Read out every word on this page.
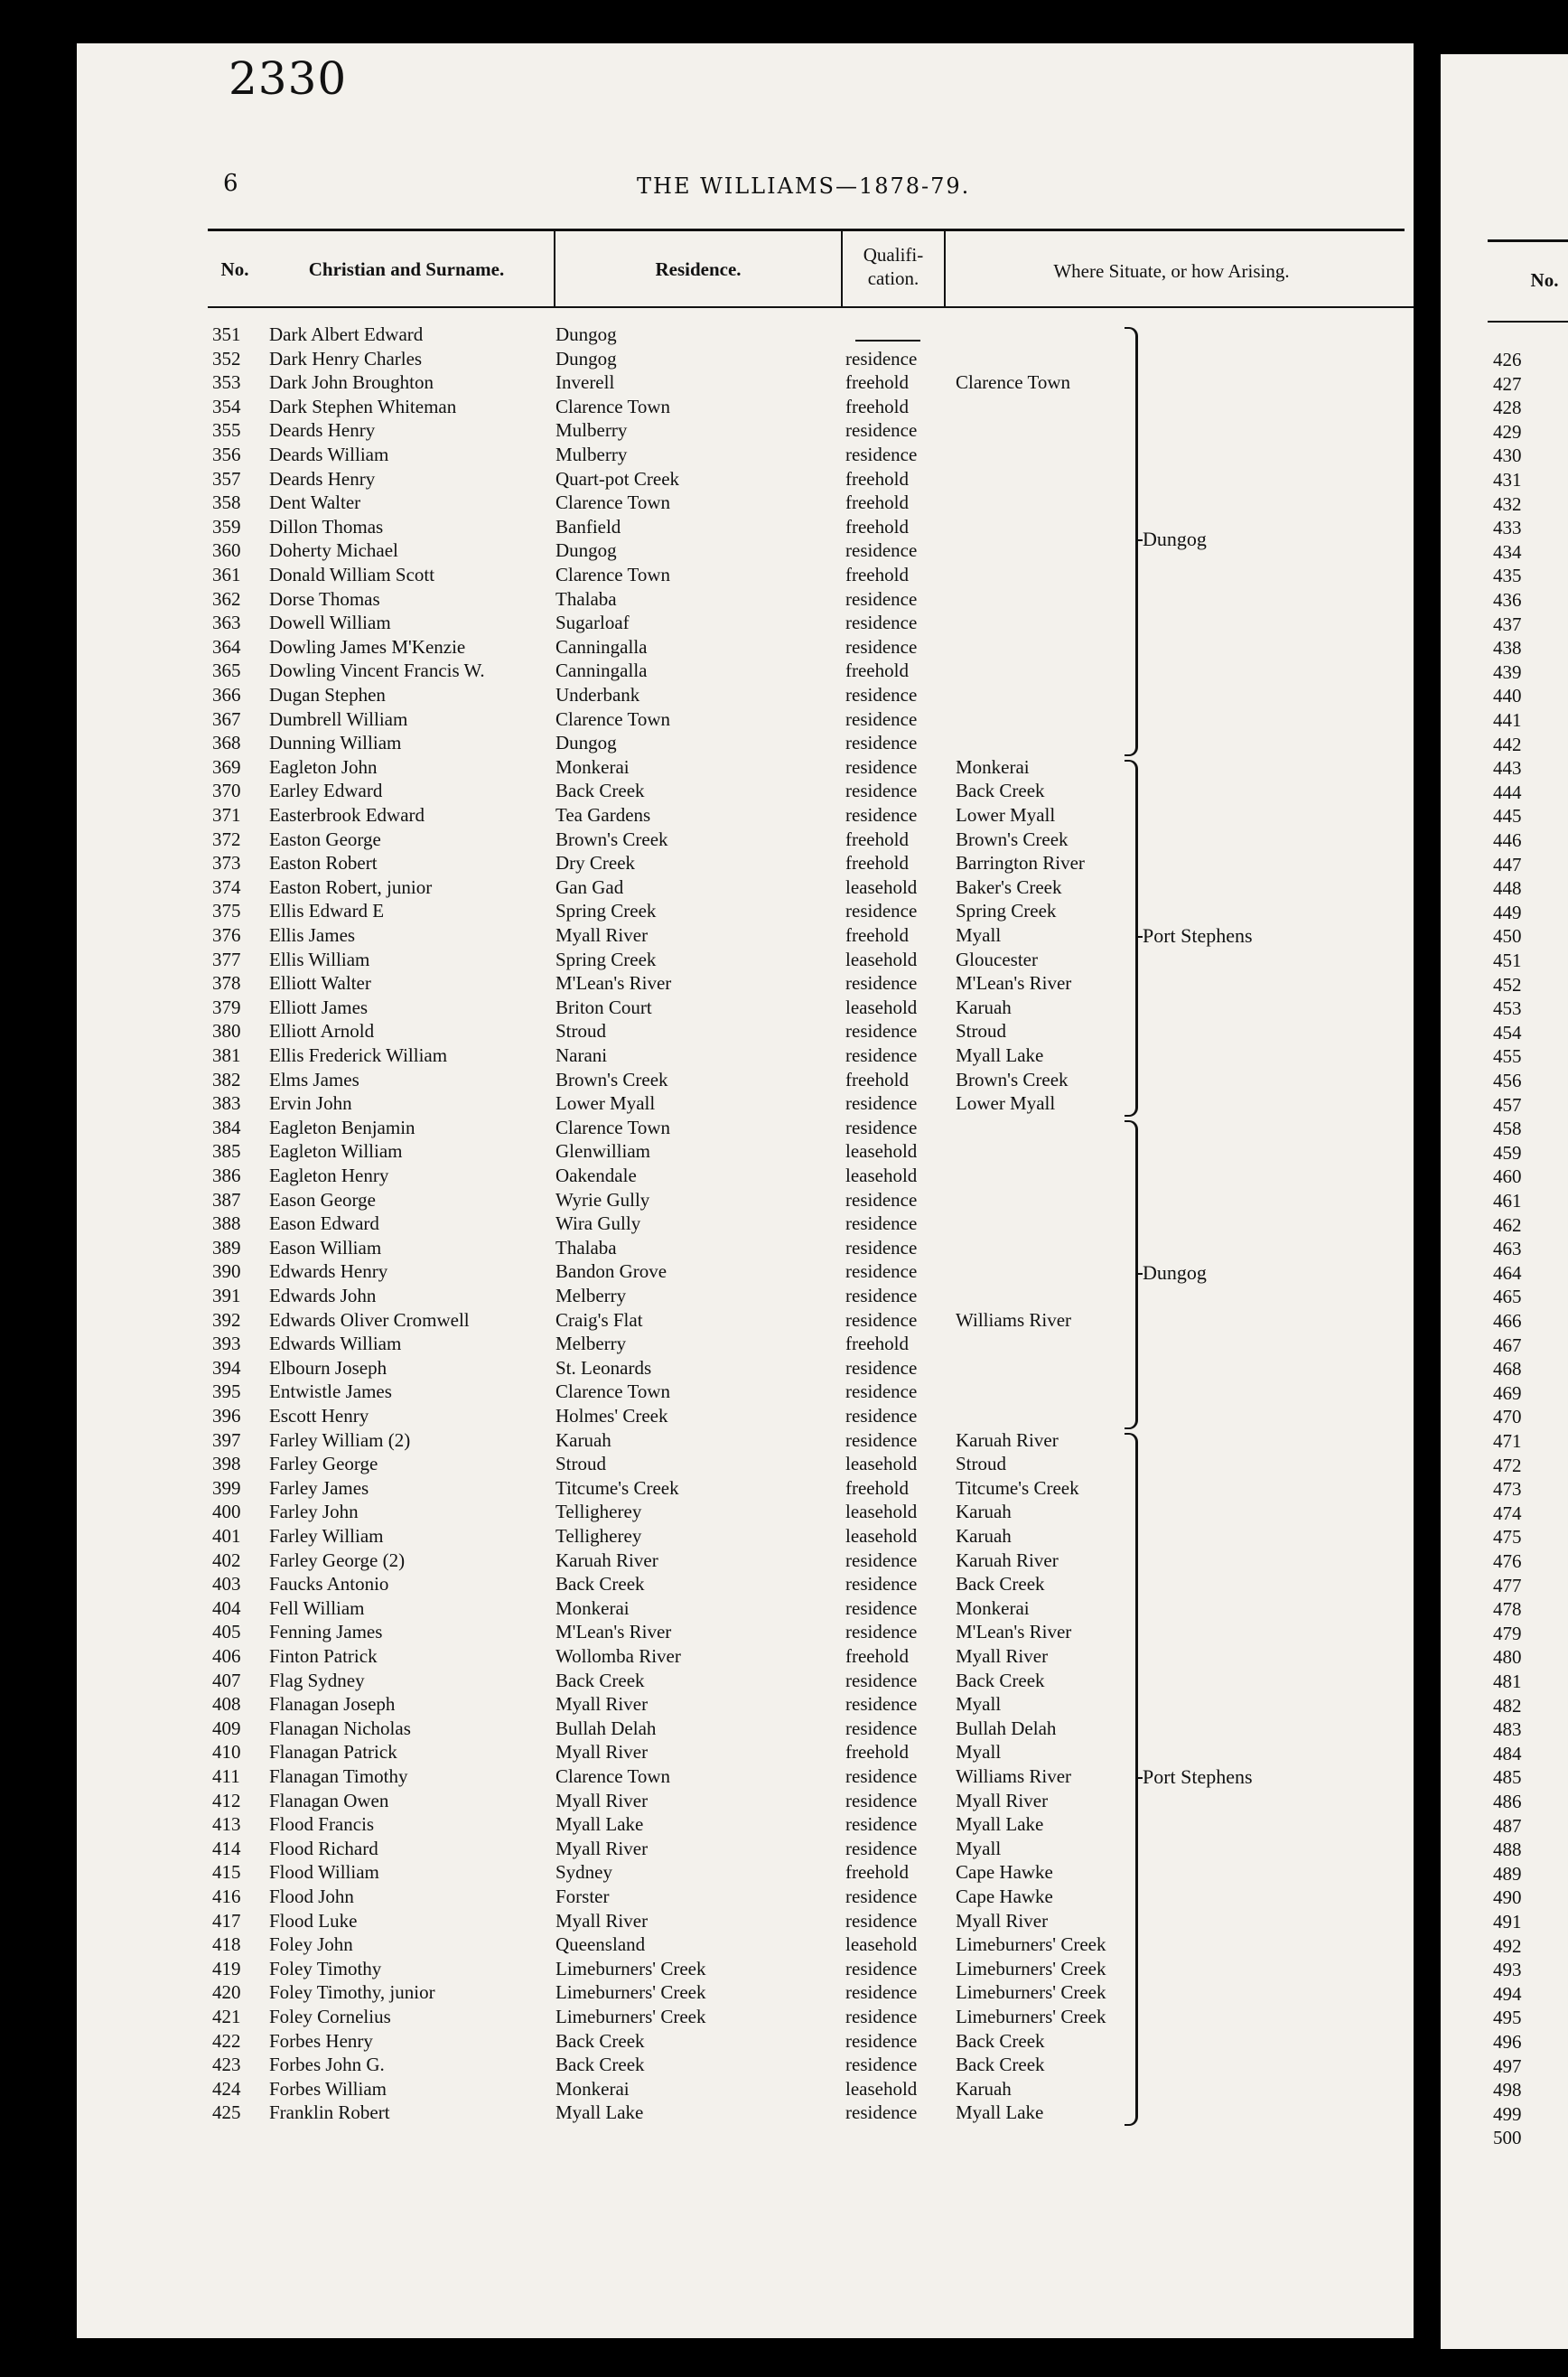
2330
6	THE WILLIAMS—1878-79.
No.	Christian and Surname.	Residence.
Qualifi-
cation.	Where Situate, or how Arising.
351 Dark Albert Edward	Dungog
352 Dark Henry Charles	Dungog	residence
353 Dark John Broughton	Inverell	freehold Clarence Town
354 Dark Stephen Whiteman	Clarence Town	freehold
355 Deards Henry	Mulberry	residence
356 Deards William	Mulberry	residence
357 Deards Henry	Quart-pot Creek	freehold
358 Dent Walter	Clarence Town	freehold
359 Dillon Thomas	Banfield	freehold
360 Doherty Michael	Dungog	residence
361 Donald William Scott	Clarence Town	freehold
362 Dorse Thomas	Thalaba	residence
363 Dowell William	Sugarloaf	residence
364 Dowling James M'Kenzie	Canningalla	residence
365 Dowling Vincent Francis W.	Canningalla	freehold
366 Dugan Stephen	Underbank	residence
367 Dumbrell William	Clarence Town	residence
368 Dunning William	Dungog	residence
369 Eagleton John	Monkerai	residence Monkerai
370 Earley Edward	Back Creek	residence Back Creek
371 Easterbrook Edward	Tea Gardens	residence Lower Myall
372 Easton George	Brown's Creek	freehold Brown's Creek
373 Easton Robert	Dry Creek	freehold Barrington River
374 Easton Robert, junior	Gan Gad	leasehold Baker's Creek
375 Ellis Edward E	Spring Creek	residence Spring Creek
376 Ellis James	Myall River	freehold Myall
377 Ellis William	Spring Creek	leasehold Gloucester
378 Elliott Walter	M'Lean's River	residence M'Lean's River
379 Elliott James	Briton Court	leasehold Karuah
380 Elliott Arnold	Stroud	residence Stroud
381 Ellis Frederick William	Narani	residence Myall Lake
382 Elms James	Brown's Creek	freehold Brown's Creek
383 Ervin John	Lower Myall	residence Lower Myall
384 Eagleton Benjamin	Clarence Town	residence
385 Eagleton William	Glenwilliam	leasehold
386 Eagleton Henry	Oakendale	leasehold
387 Eason George	Wyrie Gully	residence
388 Eason Edward	Wira Gully	residence
389 Eason William	Thalaba	residence
390 Edwards Henry	Bandon Grove	residence
391 Edwards John	Melberry	residence
392 Edwards Oliver Cromwell	Craig's Flat	residence Williams River
393 Edwards William	Melberry	freehold
394 Elbourn Joseph	St. Leonards	residence
395 Entwistle James	Clarence Town	residence
396 Escott Henry	Holmes' Creek	residence
397 Farley William (2)	Karuah	residence Karuah River
398 Farley George	Stroud	leasehold Stroud
399 Farley James	Titcume's Creek	freehold Titcume's Creek
400 Farley John	Telligherey	leasehold Karuah
401 Farley William	Telligherey	leasehold Karuah
402 Farley George (2)	Karuah River	residence Karuah River
403 Faucks Antonio	Back Creek	residence Back Creek
404 Fell William	Monkerai	residence Monkerai
405 Fenning James	M'Lean's River	residence M'Lean's River
406 Finton Patrick	Wollomba River	freehold Myall River
407 Flag Sydney	Back Creek	residence Back Creek
408 Flanagan Joseph	Myall River	residence Myall
409 Flanagan Nicholas	Bullah Delah	residence Bullah Delah
410 Flanagan Patrick	Myall River	freehold Myall
411 Flanagan Timothy	Clarence Town	residence Williams River
412 Flanagan Owen	Myall River	residence Myall River
413 Flood Francis	Myall Lake	residence Myall Lake
414 Flood Richard	Myall River	residence Myall
415 Flood William	Sydney	freehold Cape Hawke
416 Flood John	Forster	residence Cape Hawke
417 Flood Luke	Myall River	residence Myall River
418 Foley John	Queensland	leasehold Limeburners' Creek
419 Foley Timothy	Limeburners' Creek	residence Limeburners' Creek
420 Foley Timothy, junior	Limeburners' Creek	residence Limeburners' Creek
421 Foley Cornelius	Limeburners' Creek	residence Limeburners' Creek
422 Forbes Henry	Back Creek	residence Back Creek
423 Forbes John G.	Back Creek	residence Back Creek
424 Forbes William	Monkerai	leasehold Karuah
425 Franklin Robert	Myall Lake	residence Myall Lake
Dungog
Port Stephens
Dungog
Port Stephens
No.
426
427
428
429
430
431
432
433
434
435
436
437
438
439
440
441
442
443
444
445
446
447
448
449
450
451
452
453
454
455
456
457
458
459
460
461
462
463
464
465
466
467
468
469
470
471
472
473
474
475
476
477
478
479
480
481
482
483
484
485
486
487
488
489
490
491
492
493
494
495
496
497
498
499
500
